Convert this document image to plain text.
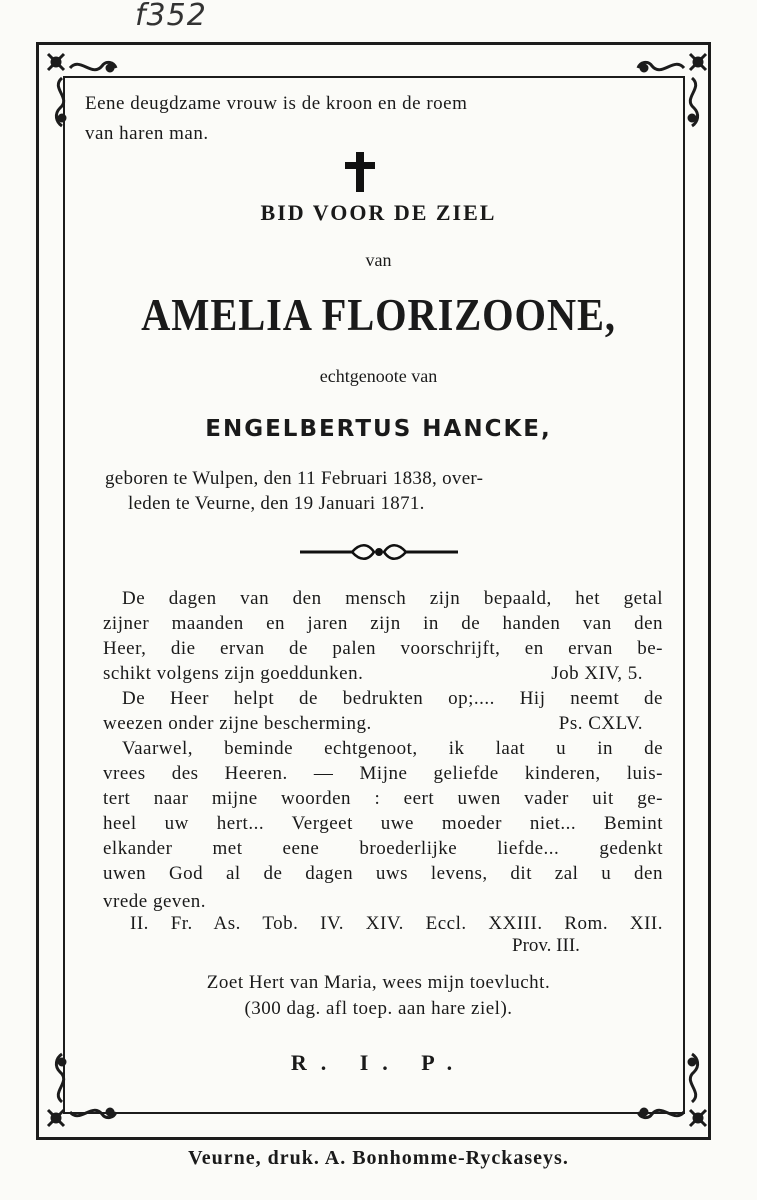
f352
Eene deugdzame vrouw is de kroon en de roem
van haren man.
BID VOOR DE ZIEL
van
AMELIA FLORIZOONE,
echtgenoote van
ENGELBERTUS HANCKE,
geboren te Wulpen, den 11 Februari 1838, over-
leden te Veurne, den 19 Januari 1871.
De dagen van den mensch zijn bepaald, het getal
zijner maanden en jaren zijn in de handen van den
Heer, die ervan de palen voorschrijft, en ervan be-
schikt volgens zijn goeddunken.	Job XIV, 5.
De Heer helpt de bedrukten op;.... Hij neemt de
weezen onder zijne bescherming.	Ps. CXLV.
Vaarwel, beminde echtgenoot, ik laat u in de
vrees des Heeren. — Mijne geliefde kinderen, luis-
tert naar mijne woorden : eert uwen vader uit ge-
heel uw hert... Vergeet uwe moeder niet... Bemint
elkander met eene broederlijke liefde... gedenkt
uwen God al de dagen uws levens, dit zal u den
vrede geven.
II. Fr. As. Tob. IV. XIV. Eccl. XXIII. Rom. XII.
Prov. III.
Zoet Hert van Maria, wees mijn toevlucht.
(300 dag. afl toep. aan hare ziel).
R. I. P.
Veurne, druk. A. Bonhomme-Ryckaseys.
